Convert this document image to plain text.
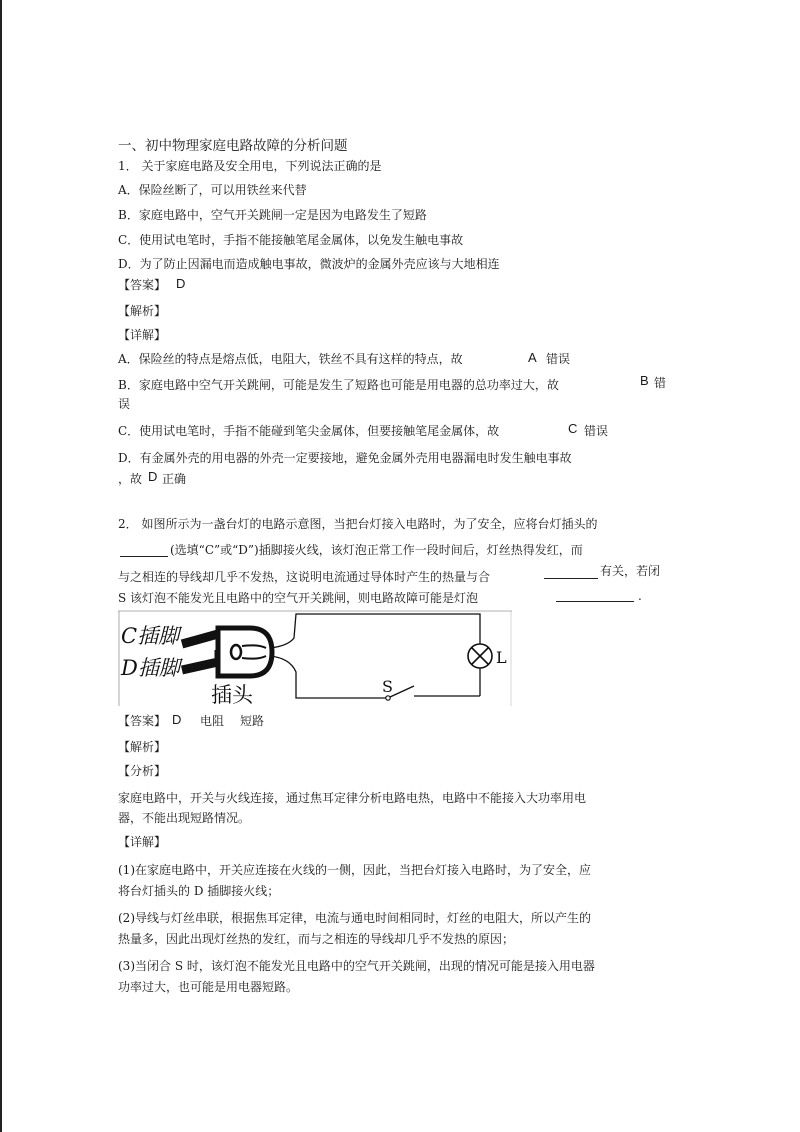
一、初中物理家庭电路故障的分析问题
1． 关于家庭电路及安全用电，下列说法正确的是
A．保险丝断了，可以用铁丝来代替
B．家庭电路中，空气开关跳闸一定是因为电路发生了短路
C．使用试电笔时，手指不能接触笔尾金属体，以免发生触电事故
D．为了防止因漏电而造成触电事故，微波炉的金属外壳应该与大地相连
【答案】 D
【解析】
【详解】
A．保险丝的特点是熔点低，电阻大，铁丝不具有这样的特点，故	A 错误
B．家庭电路中空气开关跳闸，可能是发生了短路也可能是用电器的总功率过大，故	B 错
误
C．使用试电笔时，手指不能碰到笔尖金属体，但要接触笔尾金属体，故	C 错误
D．有金属外壳的用电器的外壳一定要接地，避免金属外壳用电器漏电时发生触电事故
，故 D 正确
2． 如图所示为一盏台灯的电路示意图，当把台灯接入电路时，为了安全，应将台灯插头的
(选填“C”或“D”)插脚接火线，该灯泡正常工作一段时间后，灯丝热得发红，而
与之相连的导线却几乎不发热，这说明电流通过导体时产生的热量与合	有关，若闭
S 该灯泡不能发光且电路中的空气开关跳闸，则电路故障可能是灯泡	.
C插脚
D插脚
插头	S
L
【答案】 D 电阻 短路
【解析】
【分析】
家庭电路中，开关与火线连接，通过焦耳定律分析电路电热，电路中不能接入大功率用电
器，不能出现短路情况。
【详解】
(1)在家庭电路中，开关应连接在火线的一侧，因此，当把台灯接入电路时，为了安全，应
将台灯插头的 D 插脚接火线；
(2)导线与灯丝串联，根据焦耳定律，电流与通电时间相同时，灯丝的电阻大，所以产生的
热量多，因此出现灯丝热的发红，而与之相连的导线却几乎不发热的原因；
(3)当闭合 S 时，该灯泡不能发光且电路中的空气开关跳闸，出现的情况可能是接入用电器
功率过大，也可能是用电器短路。
